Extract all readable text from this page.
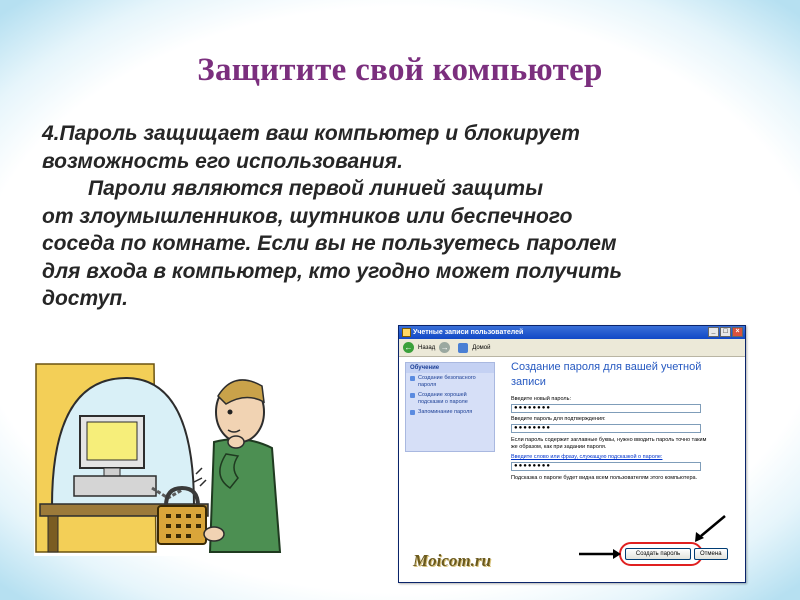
Защитите свой компьютер
4.Пароль защищает ваш компьютер и блокирует
возможность его использования.
Пароли являются первой линией защиты
от злоумышленников, шутников или беспечного
соседа по комнате. Если вы не пользуетесь паролем
для входа в компьютер, кто угодно может получить
доступ.
Учетные записи пользователей	_	□	×
← Назад →	Домой
Обучение
Создание безопасного пароля
Создание хорошей подсказки о пароле
Запоминание пароля
Создание пароля для вашей учетной записи
Введите новый пароль:
●●●●●●●●
Введите пароль для подтверждения:
●●●●●●●●
Если пароль содержит заглавные буквы, нужно вводить пароль точно таким же образом, как при задании пароля.
Введите слово или фразу, служащую подсказкой о пароле:
●●●●●●●●
Подсказка о пароле будет видна всем пользователям этого компьютера.
Создать пароль	Отмена
Moicom.ru
